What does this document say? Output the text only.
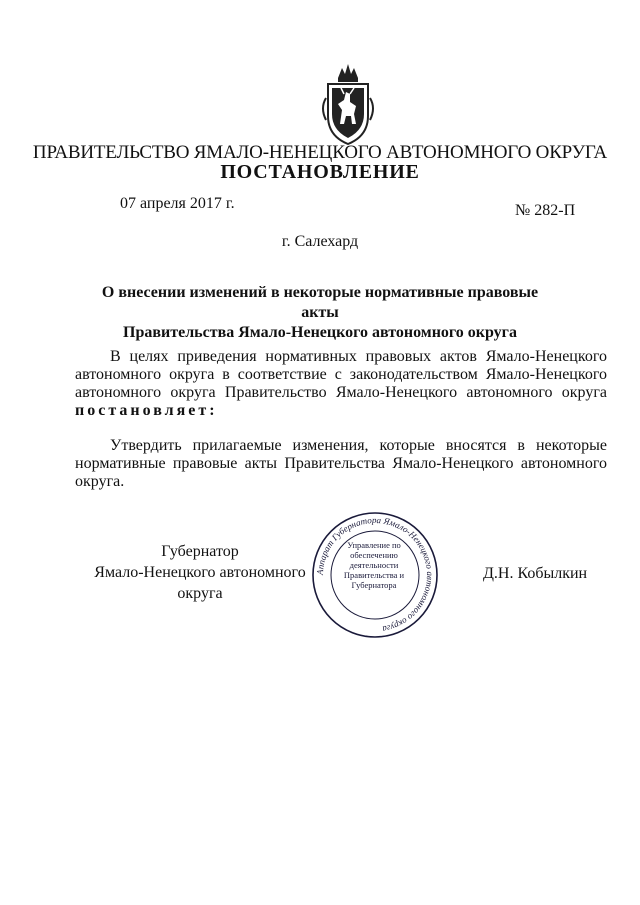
ПРАВИТЕЛЬСТВО ЯМАЛО-НЕНЕЦКОГО АВТОНОМНОГО ОКРУГА
ПОСТАНОВЛЕНИЕ
07 апреля 2017 г.	№ 282-П
г. Салехард
О внесении изменений в некоторые нормативные правовые акты
Правительства Ямало-Ненецкого автономного округа
В целях приведения нормативных правовых актов Ямало-Ненецкого автономного округа в соответствие с законодательством Ямало-Ненецкого автономного округа Правительство Ямало-Ненецкого автономного округа постановляет:
Утвердить прилагаемые изменения, которые вносятся в некоторые нормативные правовые акты Правительства Ямало-Ненецкого автономного округа.
Губернатор
Ямало-Ненецкого автономного округа
Аппарат Губернатора Ямало-Ненецкого автономного округа
Управление по обеспечению деятельности Правительства и Губернатора
Д.Н. Кобылкин
